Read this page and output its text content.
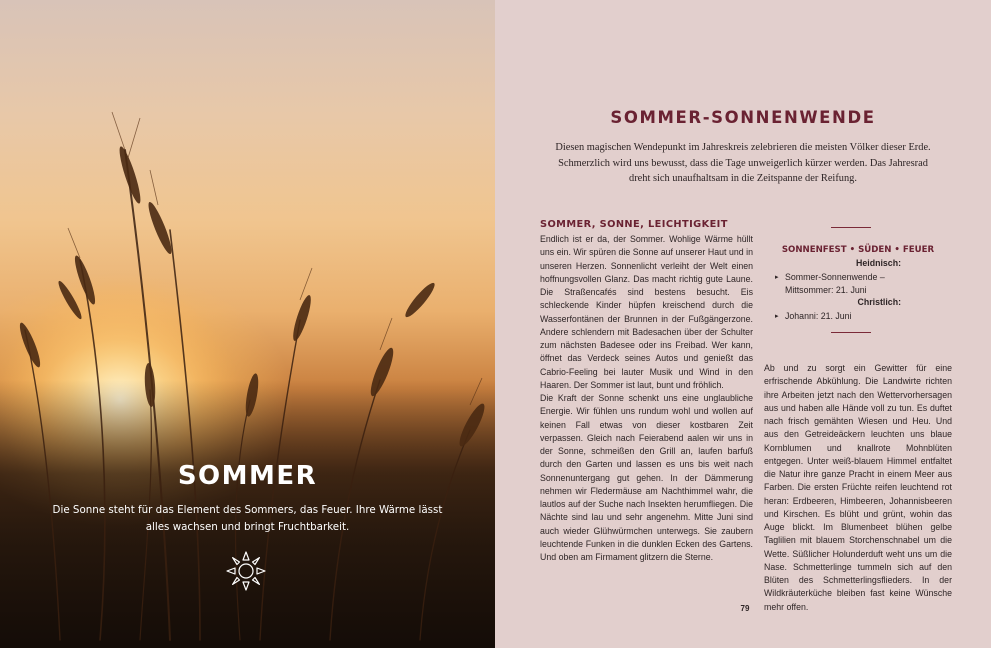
SOMMER
Die Sonne steht für das Element des Sommers, das Feuer. Ihre Wärme lässt alles wachsen und bringt Fruchtbarkeit.
SOMMER-SONNENWENDE
Diesen magischen Wendepunkt im Jahreskreis zelebrieren die meisten Völker dieser Erde. Schmerzlich wird uns bewusst, dass die Tage unweigerlich kürzer werden. Das Jahresrad dreht sich unaufhaltsam in die Zeitspanne der Reifung.
SOMMER, SONNE, LEICHTIGKEIT

Endlich ist er da, der Sommer. Wohlige Wärme hüllt uns ein. Wir spüren die Sonne auf unserer Haut und in unseren Herzen. Sonnenlicht verleiht der Welt einen hoffnungsvollen Glanz. Das macht richtig gute Laune. Die Straßencafés sind bestens besucht. Eis schleckende Kinder hüpfen kreischend durch die Wasserfontänen der Brunnen in der Fußgängerzone. Andere schlendern mit Badesachen über der Schulter zum nächsten Badesee oder ins Freibad. Wer kann, öffnet das Verdeck seines Autos und genießt das Cabrio-Feeling bei lauter Musik und Wind in den Haaren. Der Sommer ist laut, bunt und fröhlich.

Die Kraft der Sonne schenkt uns eine unglaubliche Energie. Wir fühlen uns rundum wohl und wollen auf keinen Fall etwas von dieser kostbaren Zeit verpassen. Gleich nach Feierabend aalen wir uns in der Sonne, schmeißen den Grill an, laufen barfuß durch den Garten und lassen es uns bis weit nach Sonnenuntergang gut gehen. In der Dämmerung nehmen wir Fledermäuse am Nachthimmel wahr, die lautlos auf der Suche nach Insekten herumfliegen. Die Nächte sind lau und sehr angenehm. Mitte Juni sind auch wieder Glühwürmchen unterwegs. Sie zaubern leuchtende Funken in die dunklen Ecken des Gartens. Und oben am Firmament glitzern die Sterne.

SONNENFEST • SÜDEN • FEUER
Heidnisch:
▸ Sommer-Sonnenwende – Mittsommer: 21. Juni
Christlich:
▸ Johanni: 21. Juni
Ab und zu sorgt ein Gewitter für eine erfrischende Abkühlung. Die Landwirte richten ihre Arbeiten jetzt nach den Wettervorhersagen aus und haben alle Hände voll zu tun. Es duftet nach frisch gemähten Wiesen und Heu. Und aus den Getreideäckern leuchten uns blaue Kornblumen und knallrote Mohnblüten entgegen. Unter weiß-blauem Himmel entfaltet die Natur ihre ganze Pracht in einem Meer aus Farben. Die ersten Früchte reifen leuchtend rot heran: Erdbeeren, Himbeeren, Johannisbeeren und Kirschen. Es blüht und grünt, wohin das Auge blickt. Im Blumenbeet blühen gelbe Taglilien mit blauem Storchenschnabel um die Wette. Süßlicher Holunderduft weht uns um die Nase. Schmetterlinge tummeln sich auf den Blüten des Schmetterlingsflieders. In der Wildkräuterküche bleiben fast keine Wünsche mehr offen.
79
